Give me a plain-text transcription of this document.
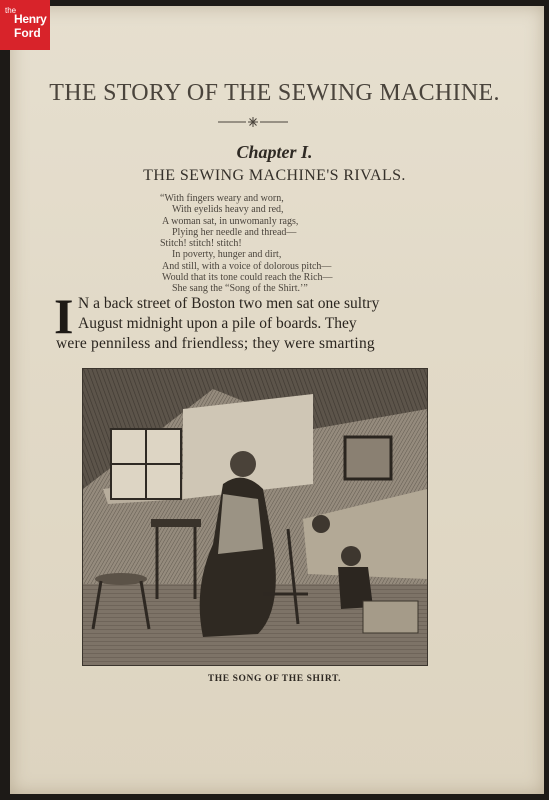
the
Henry
Ford
THE STORY OF THE SEWING MACHINE.
Chapter I.
THE SEWING MACHINE'S RIVALS.
“With fingers weary and worn,
With eyelids heavy and red,
A woman sat, in unwomanly rags,
Plying her needle and thread—
Stitch! stitch! stitch!
In poverty, hunger and dirt,
And still, with a voice of dolorous pitch—
Would that its tone could reach the Rich—
She sang the “Song of the Shirt.’”
I N a back street of Boston two men sat one sultry
August midnight upon a pile of boards. They
were penniless and friendless; they were smarting
THE SONG OF THE SHIRT.
